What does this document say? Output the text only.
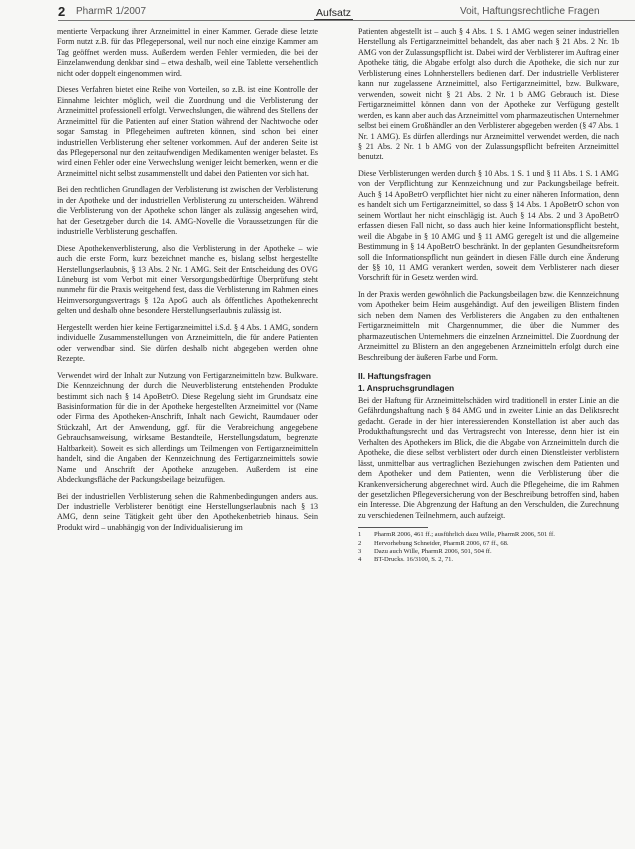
2 PharmR 1/2007	Aufsatz	Voit, Haftungsrechtliche Fragen

mentierte Verpackung ihrer Arzneimittel in einer Kammer. Gerade diese letzte Form nutzt z.B. für das Pflegepersonal, weil nur noch eine einzige Kammer am Tag geöffnet werden muss. Außerdem werden Fehler vermieden, die bei der Einzelanwendung denkbar sind – etwa deshalb, weil eine Tablette versehentlich nicht oder doppelt eingenommen wird.

Dieses Verfahren bietet eine Reihe von Vorteilen, so z.B. ist eine Kontrolle der Einnahme leichter möglich, weil die Zuordnung und die Verblisterung der Arzneimittel professionell erfolgt. Verwechslungen, die während des Stellens der Arzneimittel für die Patienten auf einer Station während der Nachtwoche oder sogar Samstag in Pflegeheimen auftreten können, sind schon bei einer industriellen Verblisterung eher seltener vorkommen. Auf der anderen Seite ist das Pflegepersonal nur den zeitaufwendigen Medikamenten weniger belastet. Es wird einen Fehler oder eine Verwechslung weniger leicht bemerken, wenn er die Arzneimittel nicht selbst zusammenstellt und dabei den Patienten vor sich hat.

Bei den rechtlichen Grundlagen der Verblisterung ist zwischen der Verblisterung in der Apotheke und der industriellen Verblisterung zu unterscheiden. Während die Verblisterung von der Apotheke schon länger als zulässig angesehen wird, hat der Gesetzgeber durch die 14. AMG-Novelle die Voraussetzungen für die industrielle Verblisterung geschaffen.

Diese Apothekenverblisterung, also die Verblisterung in der Apotheke – wie auch die erste Form, kurz bezeichnet manche es, bislang selbst hergestellte Herstellungserlaubnis, § 13 Abs. 2 Nr. 1 AMG. Seit der Entscheidung des OVG Lüneburg ist vom Verbot mit einer Versorgungsbedürftige Überprüfung steht nunmehr für die Praxis weitgehend fest, dass die Verblisterung im Rahmen eines Heimversorgungsvertrags § 12a ApoG auch als öffentliches Apothekenrecht gelten und deshalb ohne besondere Herstellungserlaubnis zulässig ist.

Hergestellt werden hier keine Fertigarzneimittel i.S.d. § 4 Abs. 1 AMG, sondern individuelle Zusammenstellungen von Arzneimitteln, die für andere Patienten oder verwendbar sind. Sie dürfen deshalb nicht abgegeben werden ohne Rezepte.

Verwendet wird der Inhalt zur Nutzung von Fertigarzneimitteln bzw. Bulkware. Die Kennzeichnung der durch die Neuverblisterung entstehenden Produkte bestimmt sich nach § 14 ApoBetrO. Diese Regelung sieht im Grundsatz eine Basisinformation für die in der Apotheke hergestellten Arzneimittel vor (Name oder Firma des Apotheken-Anschrift, Inhalt nach Gewicht, Raumdauer oder Stückzahl, Art der Anwendung, ggf. für die Verabreichung angegebene Gebrauchsanweisung, wirksame Bestandteile, Herstellungsdatum, begrenzte Haltbarkeit). Soweit es sich allerdings um Teilmengen von Fertigarzneimitteln handelt, sind die Angaben der Kennzeichnung des Fertigarzneimittels sowie Name und Anschrift der Apotheke anzugeben. Außerdem ist eine Abdeckungsfläche der Packungsbeilage beizufügen.

Bei der industriellen Verblisterung sehen die Rahmenbedingungen anders aus. Der industrielle Verblisterer benötigt eine Herstellungserlaubnis nach § 13 AMG, denn seine Tätigkeit geht über den Apothekenbetrieb hinaus. Sein Produkt wird – unabhängig von der Individualisierung im

Patienten abgestellt ist – auch § 4 Abs. 1 S. 1 AMG wegen seiner industriellen Herstellung als Fertigarzneimittel behandelt, das aber nach § 21 Abs. 2 Nr. 1b AMG von der Zulassungspflicht ist. Dabei wird der Verblisterer im Auftrag einer Apotheke tätig, die Abgabe erfolgt also durch die Apotheke, die sich nur zur Verblisterung eines Lohnherstellers bedienen darf. Der industrielle Verblisterer kann nur zugelassene Arzneimittel, also Fertigarzneimittel, bzw. Bulkware, verwenden, soweit nicht § 21 Abs. 2 Nr. 1 b AMG Gebrauch ist. Diese Fertigarzneimittel können dann von der Apotheke zur Verfügung gestellt werden, es kann aber auch das Arzneimittel vom pharmazeutischen Unternehmer selbst bei einem Großhändler an den Verblisterer abgegeben werden (§ 47 Abs. 1 Nr. 1 AMG). Es dürfen allerdings nur Arzneimittel verwendet werden, die nach § 21 Abs. 2 Nr. 1 b AMG von der Zulassungspflicht befreiten Arzneimittel benutzt.

Diese Verblisterungen werden durch § 10 Abs. 1 S. 1 und § 11 Abs. 1 S. 1 AMG von der Verpflichtung zur Kennzeichnung und zur Packungsbeilage befreit. Auch § 14 ApoBetrO verpflichtet hier nicht zu einer näheren Information, denn es handelt sich um Fertigarzneimittel, so dass § 14 Abs. 1 ApoBetrO schon von seinem Wortlaut her nicht einschlägig ist. Auch § 14 Abs. 2 und 3 ApoBetrO erfassen diesen Fall nicht, so dass auch hier keine Informationspflicht besteht, weil die Abgabe in § 10 AMG und § 11 AMG geregelt ist und die allgemeine Bestimmung in § 14 ApoBetrO beschränkt. In der geplanten Gesundheitsreform soll die Informationspflicht nun geändert in diesen Fälle durch eine Änderung der §§ 10, 11 AMG verankert werden, soweit dem Verblisterer nach dieser Vorschrift für in Gesetz werden wird.

In der Praxis werden gewöhnlich die Packungsbeilagen bzw. die Kennzeichnung vom Apotheker beim Heim ausgehändigt. Auf den jeweiligen Blistern finden sich neben dem Namen des Verblisterers die Angaben zu den enthaltenen Fertigarzneimitteln mit Chargennummer, die über die Nummer des pharmazeutischen Unternehmers die einzelnen Arzneimittel. Die Zuordnung der Arzneimittel zu Blistern an den angegebenen Arzneimitteln erfolgt durch eine Beschreibung der äußeren Farbe und Form.

II. Haftungsfragen
1. Anspruchsgrundlagen

Bei der Haftung für Arzneimittelschäden wird traditionell in erster Linie an die Gefährdungshaftung nach § 84 AMG und in zweiter Linie an das Deliktsrecht gedacht. Gerade in der hier interessierenden Konstellation ist aber auch das Produkthaftungsrecht und das Vertragsrecht von Interesse, denn hier ist ein Verhalten des Apothekers im Blick, die die Abgabe von Arzneimitteln durch die Apotheke, die diese selbst verblistert oder durch einen Dienstleister verblistern lässt, unmittelbar aus vertraglichen Beziehungen zwischen dem Patienten und dem Apotheker und dem Patienten, wenn die Verblisterung über die Krankenversicherung abgerechnet wird. Auch die Pflegeheime, die im Rahmen der gesetzlichen Pflegeversicherung von der Beschreibung betroffen sind, haben ein Interesse. Die Abgrenzung der Haftung an den Verschulden, die Zurechnung zu verschiedenen Teilnehmern, auch aufzeigt.

1 PharmR 2006, 461 ff.; ausführlich dazu Wille, PharmR 2006, 501 ff.
2 Hervorhebung Schneider, PharmR 2006, 67 ff., 68.
3 Dazu auch Wille, PharmR 2006, 501, 504 ff.
4 BT-Drucks. 16/3100, S. 2, 71.
